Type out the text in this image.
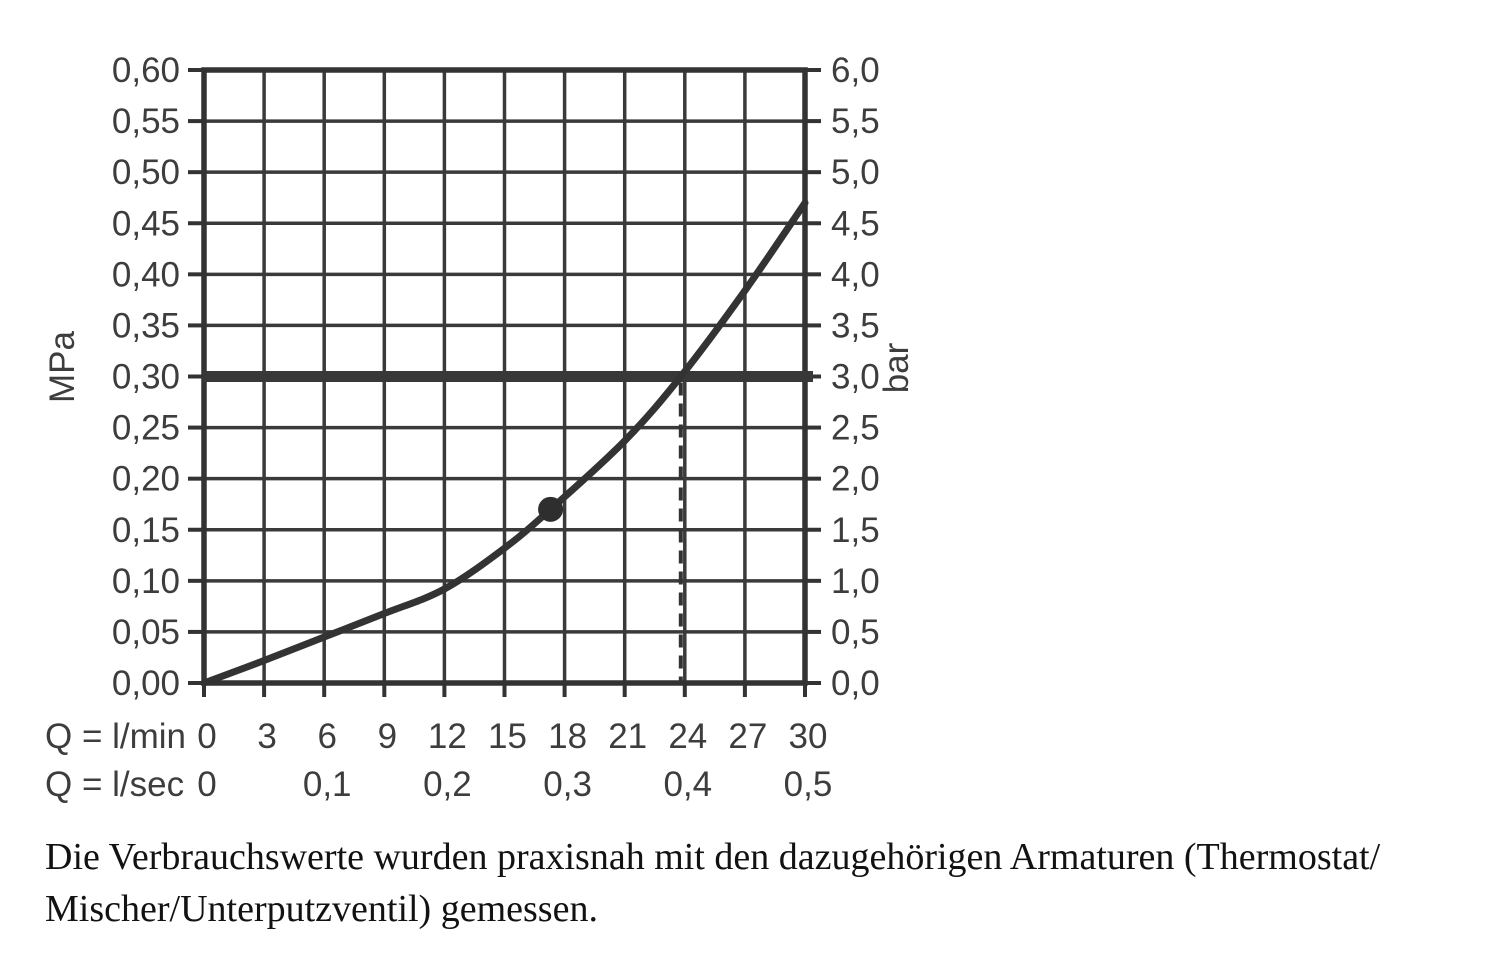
0,00	0,0
0,05	0,5
0,10	1,0
0,15	1,5
0,20	2,0
0,25	2,5
0,30	3,0
0,35	3,5
0,40	4,0
0,45	4,5
0,50	5,0
0,55	5,5
0,60	6,0
0 3 6 9 12 15 18 21 24 27 30
0 0,1 0,2 0,3 0,4 0,5
Q = l/min
Q = l/sec
MPa	bar
Die Verbrauchswerte wurden praxisnah mit den dazugehörigen Armaturen (Thermostat/
Mischer/Unterputzventil) gemessen.
